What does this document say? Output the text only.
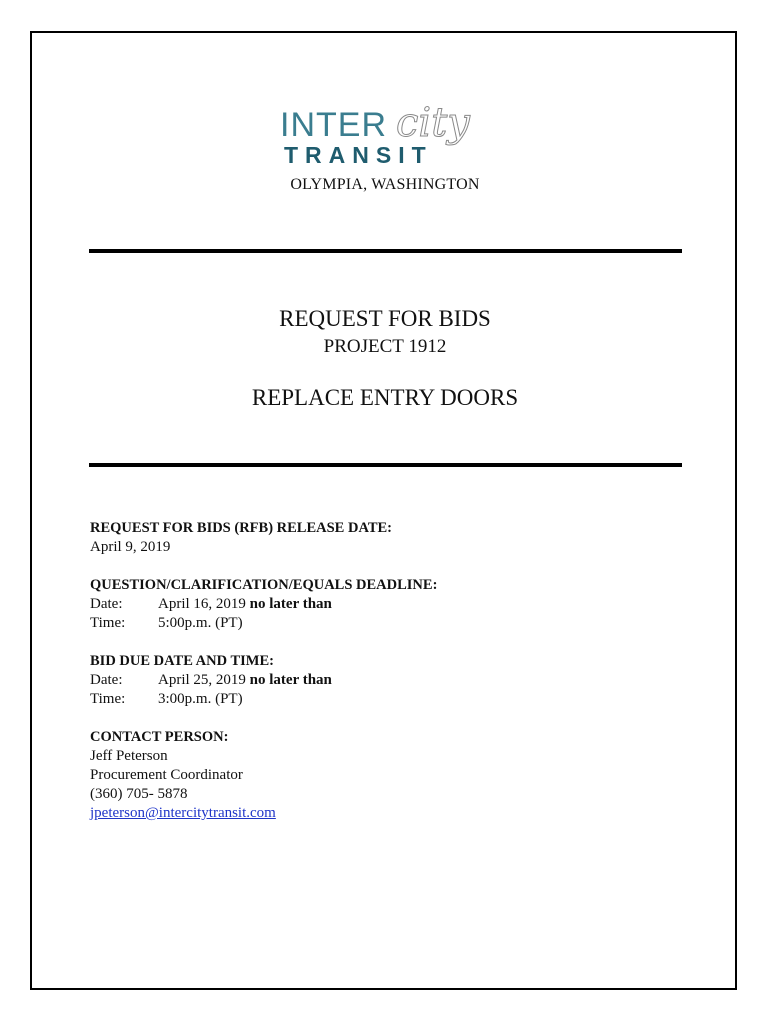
INTER city
TRANSIT
OLYMPIA, WASHINGTON
REQUEST FOR BIDS
PROJECT 1912
REPLACE ENTRY DOORS
REQUEST FOR BIDS (RFB) RELEASE DATE:
April 9, 2019
QUESTION/CLARIFICATION/EQUALS DEADLINE:
Date:	April 16, 2019 no later than
Time:	5:00p.m. (PT)
BID DUE DATE AND TIME:
Date:	April 25, 2019 no later than
Time:	3:00p.m. (PT)
CONTACT PERSON:
Jeff Peterson
Procurement Coordinator
(360) 705- 5878
jpeterson@intercitytransit.com
